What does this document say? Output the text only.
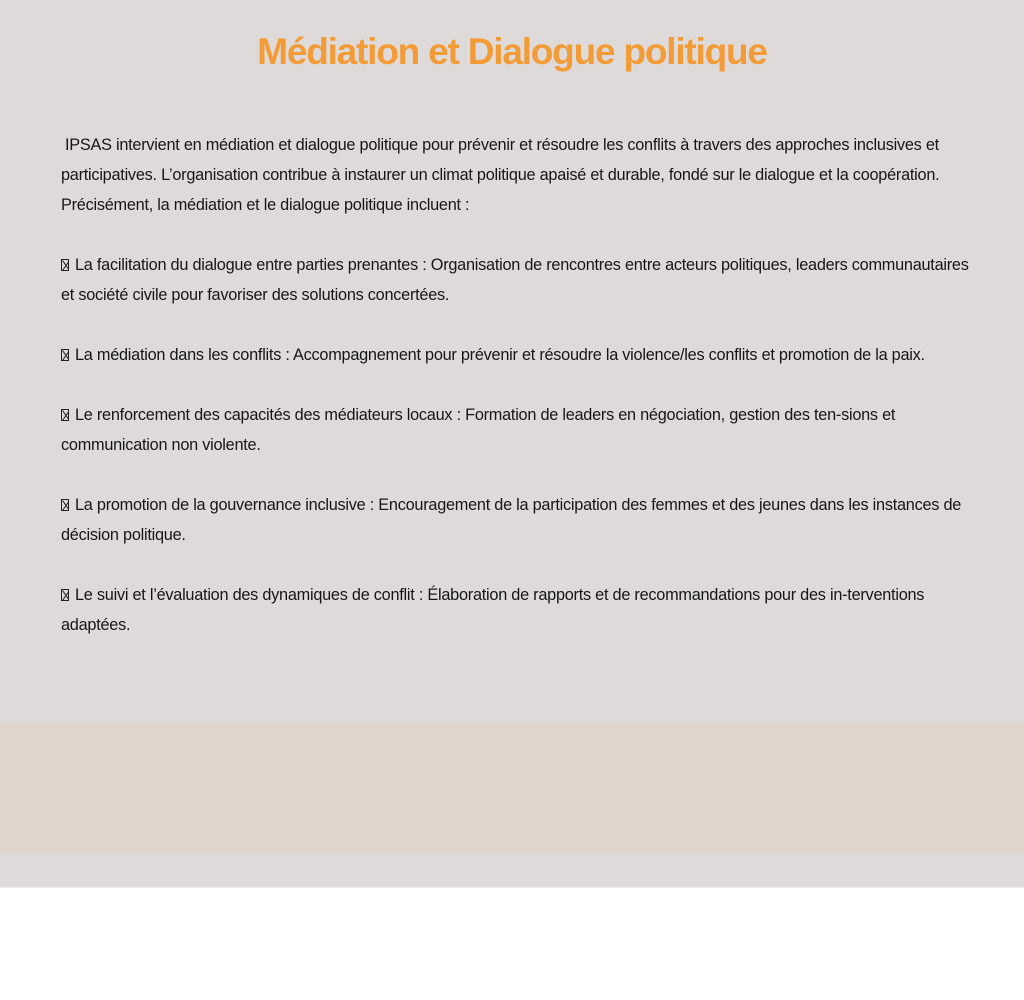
Médiation et Dialogue politique

IPSAS intervient en médiation et dialogue politique pour prévenir et résoudre les conflits à travers des approches inclusives et participatives. L’organisation contribue à instaurer un climat politique apaisé et durable, fondé sur le dialogue et la coopération. Précisément, la médiation et le dialogue politique incluent :

La facilitation du dialogue entre parties prenantes : Organisation de rencontres entre acteurs politiques, leaders communautaires et société civile pour favoriser des solutions concertées.

La médiation dans les conflits : Accompagnement pour prévenir et résoudre la violence/les conflits et promotion de la paix.

Le renforcement des capacités des médiateurs locaux : Formation de leaders en négociation, gestion des ten-sions et communication non violente.

La promotion de la gouvernance inclusive : Encouragement de la participation des femmes et des jeunes dans les instances de décision politique.

Le suivi et l’évaluation des dynamiques de conflit : Élaboration de rapports et de recommandations pour des in-terventions adaptées.
